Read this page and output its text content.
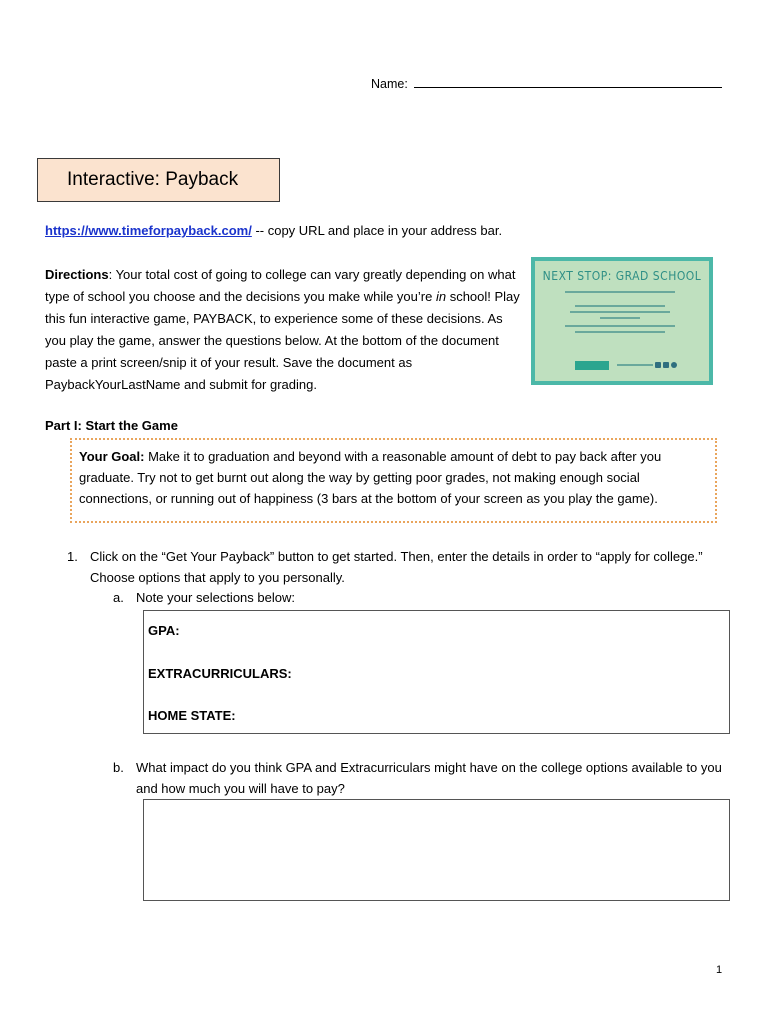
Name:
Interactive: Payback
https://www.timeforpayback.com/ -- copy URL and place in your address bar.
Directions: Your total cost of going to college can vary greatly depending on what type of school you choose and the decisions you make while you’re in school! Play this fun interactive game, PAYBACK, to experience some of these decisions. As you play the game, answer the questions below. At the bottom of the document paste a print screen/snip it of your result. Save the document as PaybackYourLastName and submit for grading.
NEXT STOP: GRAD SCHOOL
Part I: Start the Game
Your Goal: Make it to graduation and beyond with a reasonable amount of debt to pay back after you graduate. Try not to get burnt out along the way by getting poor grades, not making enough social connections, or running out of happiness (3 bars at the bottom of your screen as you play the game).
1. Click on the “Get Your Payback” button to get started. Then, enter the details in order to “apply for college.” Choose options that apply to you personally.
a. Note your selections below:
GPA:
EXTRACURRICULARS:
HOME STATE:
b. What impact do you think GPA and Extracurriculars might have on the college options available to you and how much you will have to pay?
1
